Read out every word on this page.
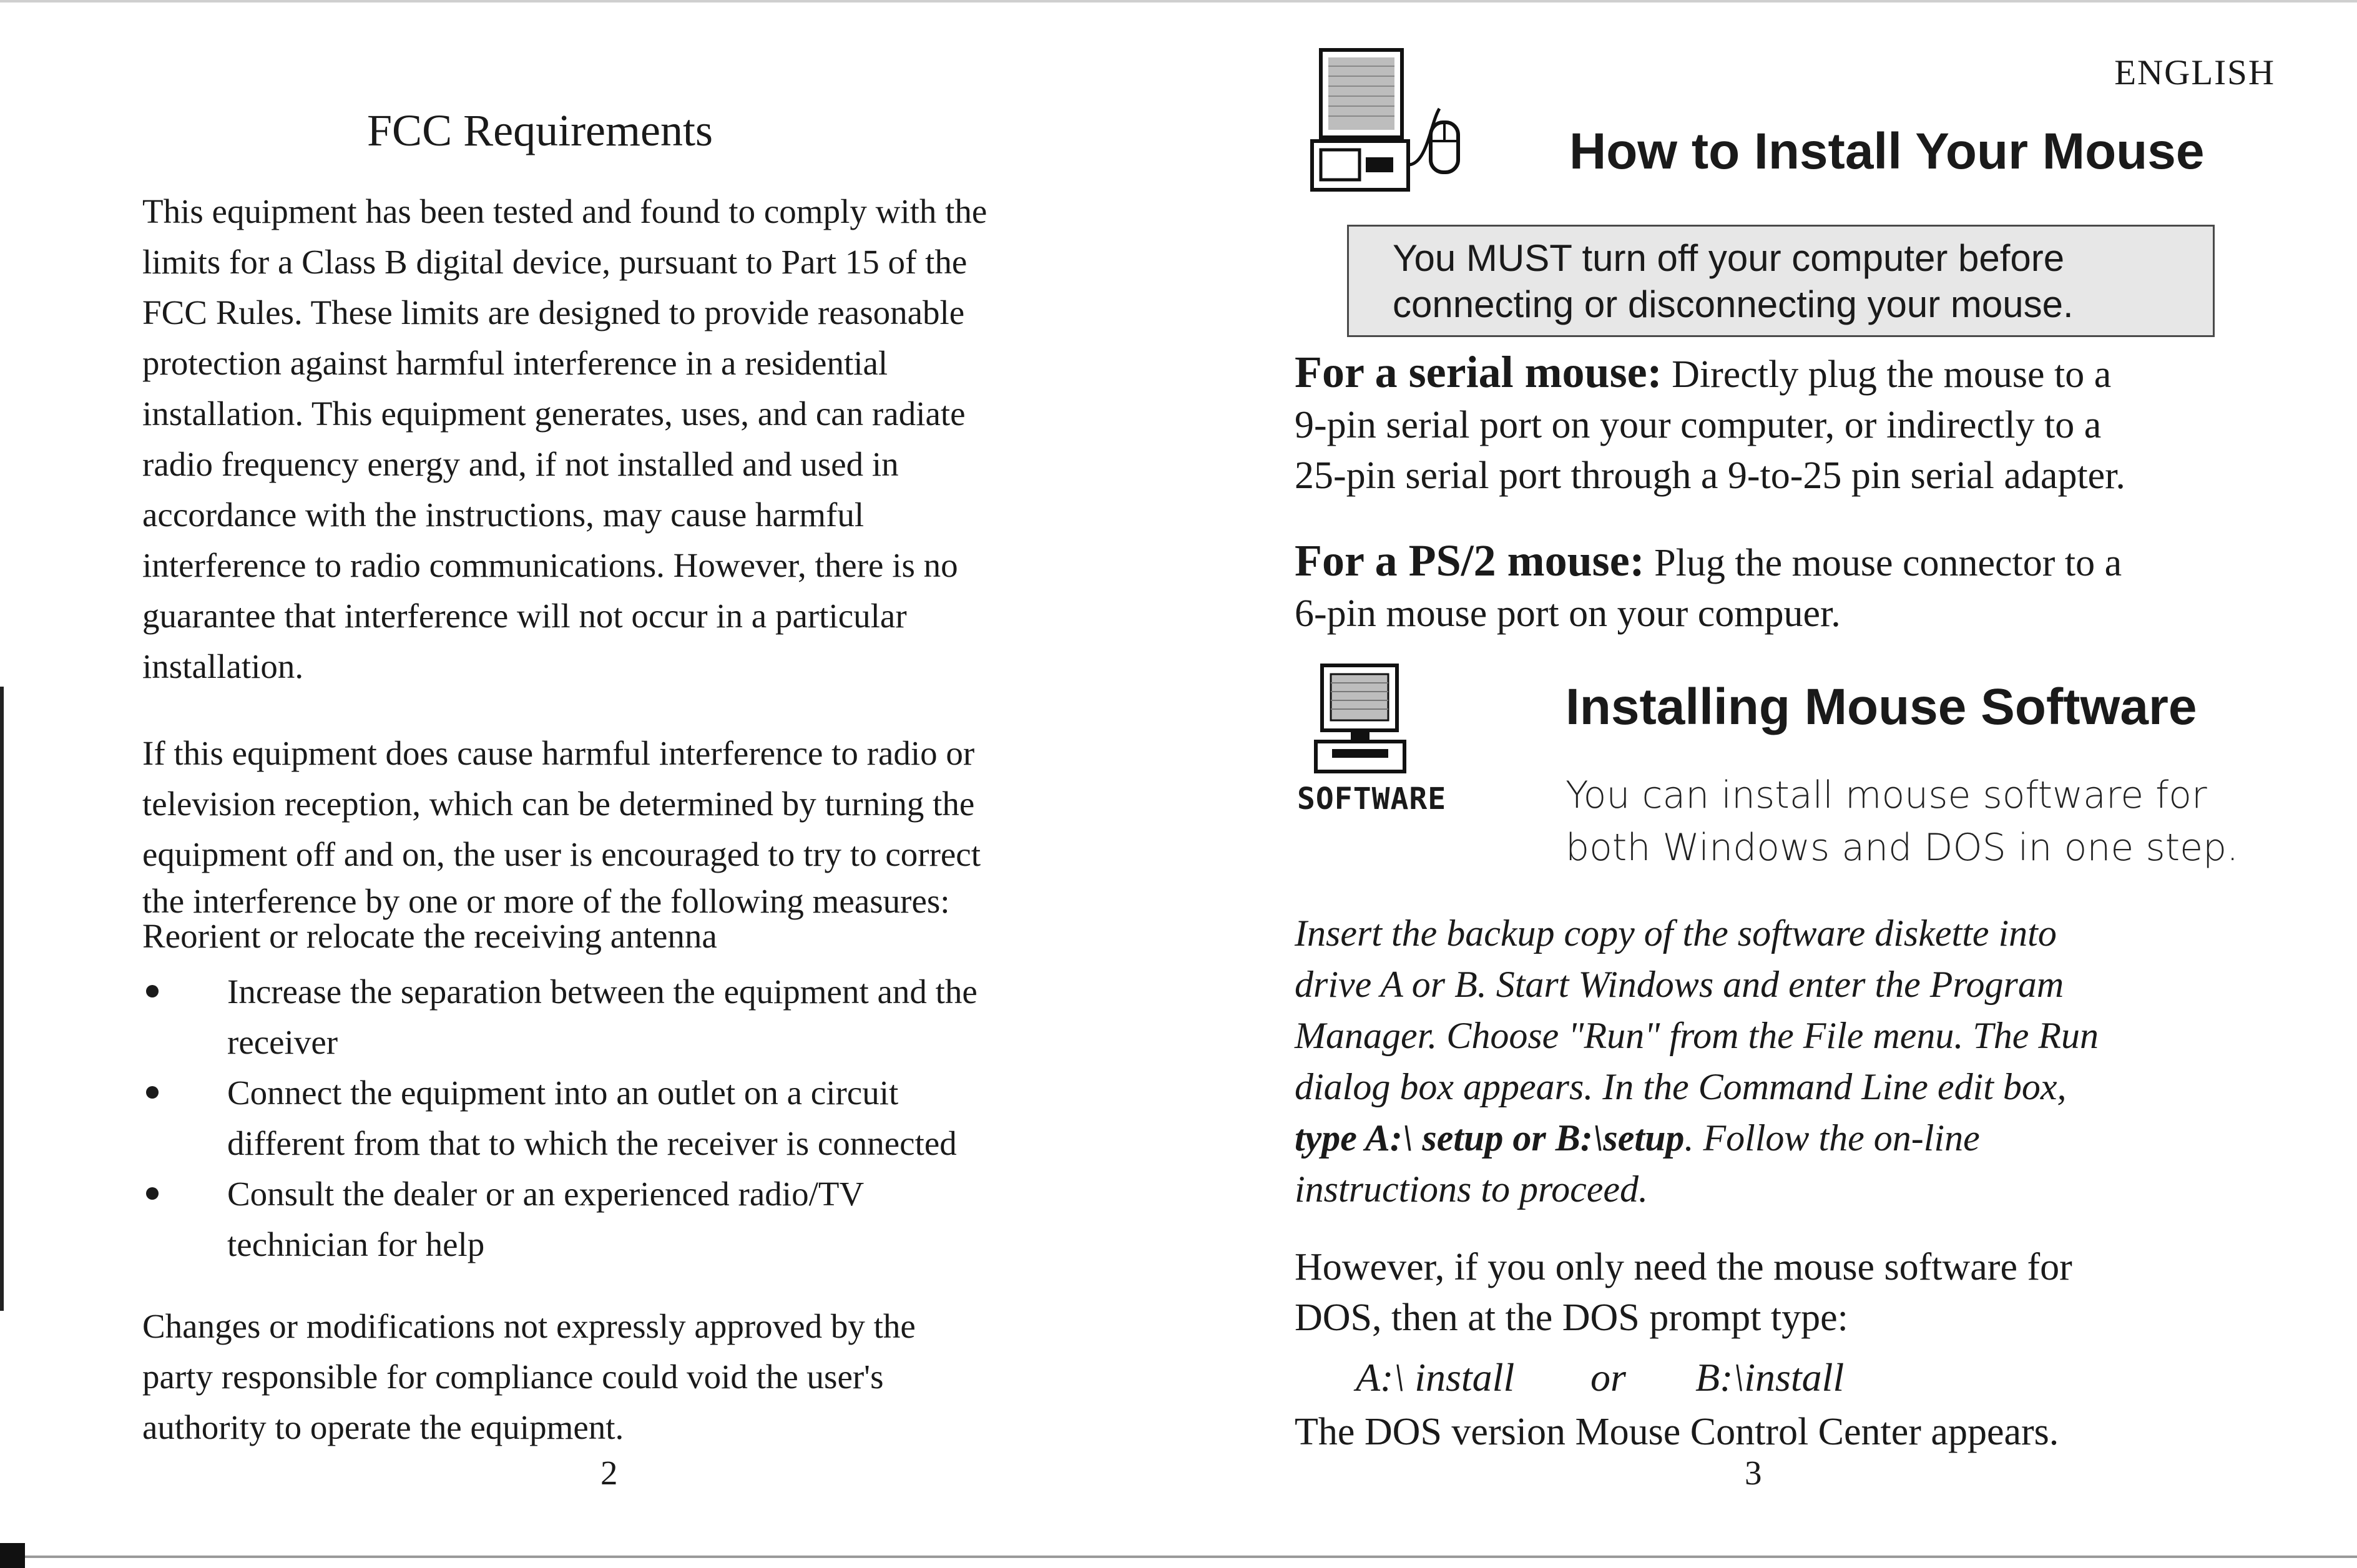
FCC Requirements

This equipment has been tested and found to comply with the
limits for a Class B digital device, pursuant to Part 15 of the
FCC Rules. These limits are designed to provide reasonable
protection against harmful interference in a residential
installation. This equipment generates, uses, and can radiate
radio frequency energy and, if not installed and used in
accordance with the instructions, may cause harmful
interference to radio communications. However, there is no
guarantee that interference will not occur in a particular
installation.

If this equipment does cause harmful interference to radio or
television reception, which can be determined by turning the
equipment off and on, the user is encouraged to try to correct

the interference by one or more of the following measures:

Reorient or relocate the receiving antenna

Increase the separation between the equipment and the
receiver
Connect the equipment into an outlet on a circuit
different from that to which the receiver is connected
Consult the dealer or an experienced radio/TV
technician for help

Changes or modifications not expressly approved by the
party responsible for compliance could void the user's
authority to operate the equipment.

2
ENGLISH
How to Install Your Mouse
You MUST turn off your computer before
connecting or disconnecting your mouse.

For a serial mouse: Directly plug the mouse to a
9-pin serial port on your computer, or indirectly to a
25-pin serial port through a 9-to-25 pin serial adapter.

For a PS/2 mouse: Plug the mouse connector to a
6-pin mouse port on your compuer.

SOFTWARE
Installing Mouse Software

You can install mouse software for
both Windows and DOS in one step.

Insert the backup copy of the software diskette into
drive A or B. Start Windows and enter the Program
Manager. Choose "Run" from the File menu. The Run
dialog box appears. In the Command Line edit box,
type A:\ setup or B:\setup. Follow the on-line
instructions to proceed.

However, if you only need the mouse software for
DOS, then at the DOS prompt type:

A:\ install or B:\install

The DOS version Mouse Control Center appears.

3
